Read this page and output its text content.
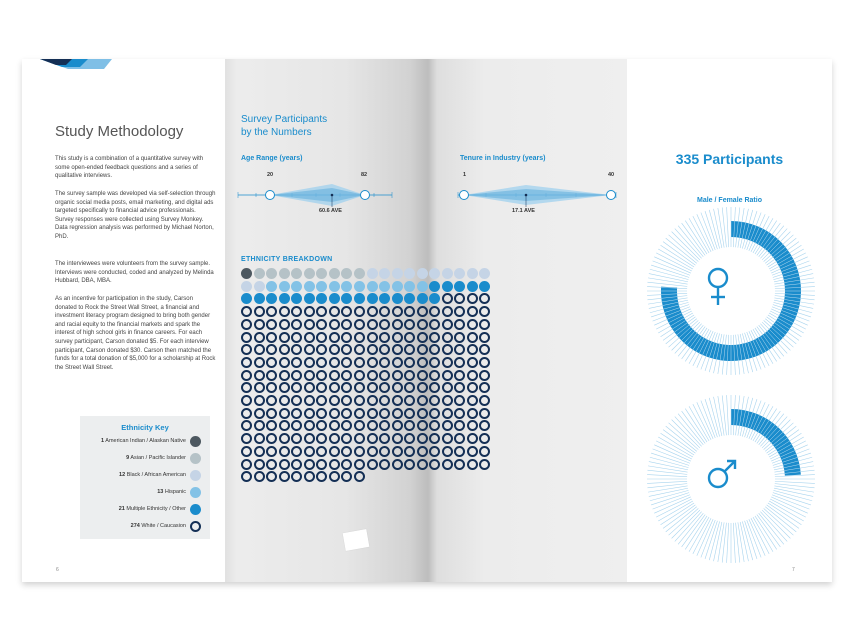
Study Methodology

This study is a combination of a quantitative survey with some open-ended feedback questions and a series of qualitative interviews.

The survey sample was developed via self-selection through organic social media posts, email marketing, and digital ads targeted specifically to financial advice professionals. Survey responses were collected using Survey Monkey. Data regression analysis was performed by Michael Norton, PhD.

The interviewees were volunteers from the survey sample. Interviews were conducted, coded and analyzed by Melinda Hubbard, DBA, MBA.

As an incentive for participation in the study, Carson donated to Rock the Street Wall Street, a financial and investment literacy program designed to bring both gender and racial equity to the financial markets and spark the interest of high school girls in finance careers. For each survey participant, Carson donated $5. For each interview participant, Carson donated $30. Carson then matched the funds for a total donation of $5,000 for a scholarship at Rock the Street Wall Street.

Ethnicity Key
1 American Indian / Alaskan Native
9 Asian / Pacific Islander
12 Black / African American
13 Hispanic
21 Multiple Ethnicity / Other
274 White / Caucasion
6
Survey Participants
by the Numbers
Age Range (years)
20	82
60.6 AVE
Tenure in Industry (years)
1	40
17.1 AVE
ETHNICITY BREAKDOWN
335 Participants
Male / Female Ratio
7
